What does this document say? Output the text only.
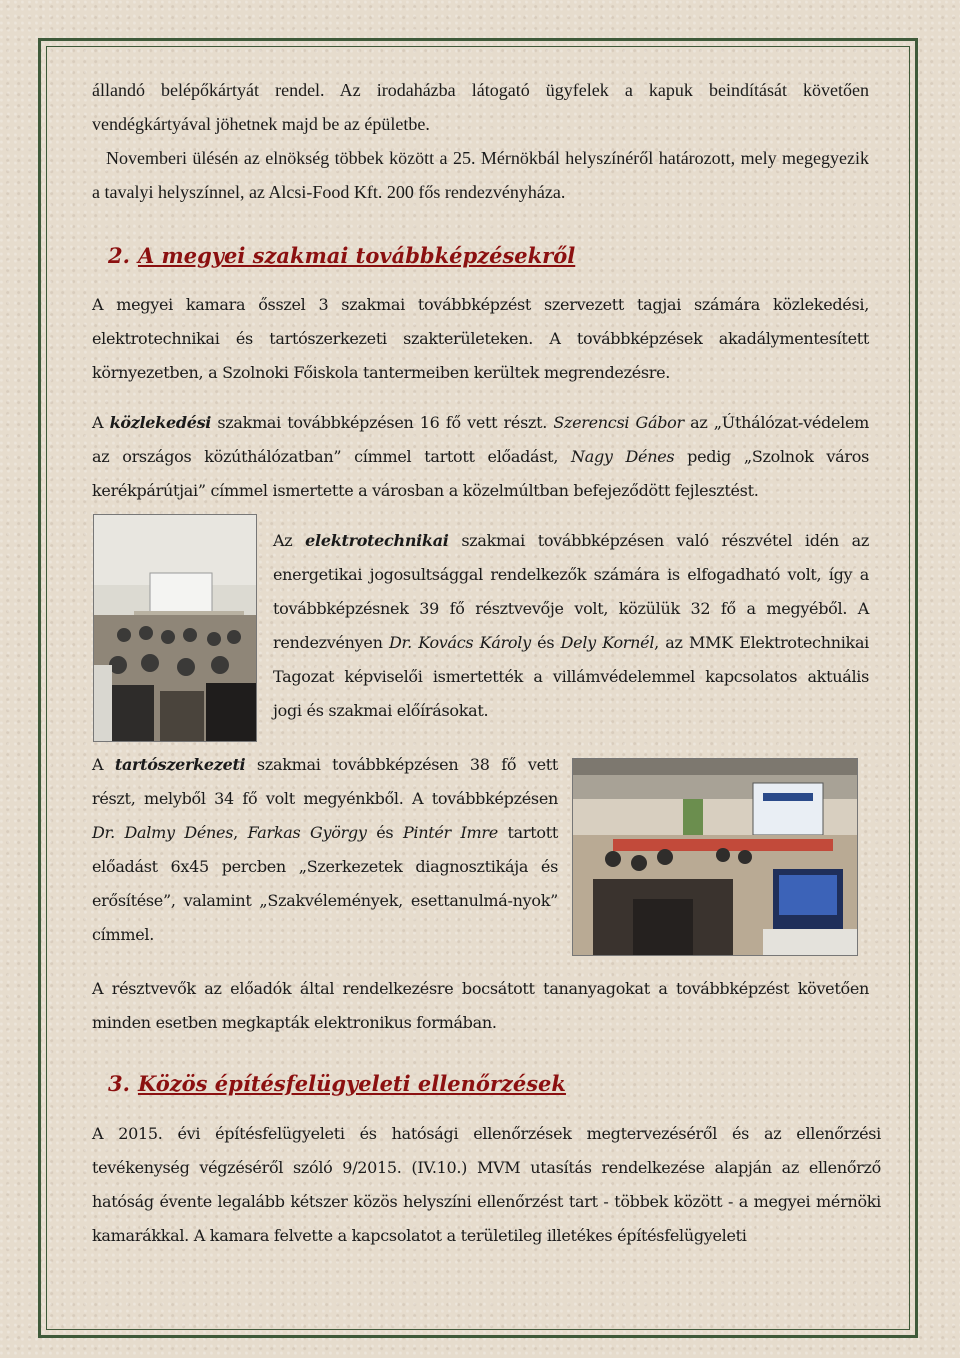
állandó belépőkártyát rendel. Az irodaházba látogató ügyfelek a kapuk beindítását követően vendégkártyával jöhetnek majd be az épületbe.
Novemberi ülésén az elnökség többek között a 25. Mérnökbál helyszínéről határozott, mely megegyezik a tavalyi helyszínnel, az Alcsi-Food Kft. 200 fős rendezvényháza.
2. A megyei szakmai továbbképzésekről
A megyei kamara ősszel 3 szakmai továbbképzést szervezett tagjai számára közlekedési, elektrotechnikai és tartószerkezeti szakterületeken. A továbbképzések akadálymentesített környezetben, a Szolnoki Főiskola tantermeiben kerültek megrendezésre.
A közlekedési szakmai továbbképzésen 16 fő vett részt. Szerencsi Gábor az „Úthálózat-védelem az országos közúthálózatban” címmel tartott előadást, Nagy Dénes pedig „Szolnok város kerékpárútjai” címmel ismertette a városban a közelmúltban befejeződött fejlesztést.
Az elektrotechnikai szakmai továbbképzésen való részvétel idén az energetikai jogosultsággal rendelkezők számára is elfogadható volt, így a továbbképzésnek 39 fő résztvevője volt, közülük 32 fő a megyéből. A rendezvényen Dr. Kovács Károly és Dely Kornél, az MMK Elektrotechnikai Tagozat képviselői ismertették a villámvédelemmel kapcsolatos aktuális jogi és szakmai előírásokat.
A tartószerkezeti szakmai továbbképzésen 38 fő vett részt, melyből 34 fő volt megyénkből. A továbbképzésen Dr. Dalmy Dénes, Farkas György és Pintér Imre tartott előadást 6x45 percben „Szerkezetek diagnosztikája és erősítése”, valamint „Szakvélemények, esettanulmá-nyok” címmel.
A résztvevők az előadók által rendelkezésre bocsátott tananyagokat a továbbképzést követően minden esetben megkapták elektronikus formában.
3. Közös építésfelügyeleti ellenőrzések
A 2015. évi építésfelügyeleti és hatósági ellenőrzések megtervezéséről és az ellenőrzési tevékenység végzéséről szóló 9/2015. (IV.10.) MVM utasítás rendelkezése alapján az ellenőrző hatóság évente legalább kétszer közös helyszíni ellenőrzést tart - többek között - a megyei mérnöki kamarákkal. A kamara felvette a kapcsolatot a területileg illetékes építésfelügyeleti
